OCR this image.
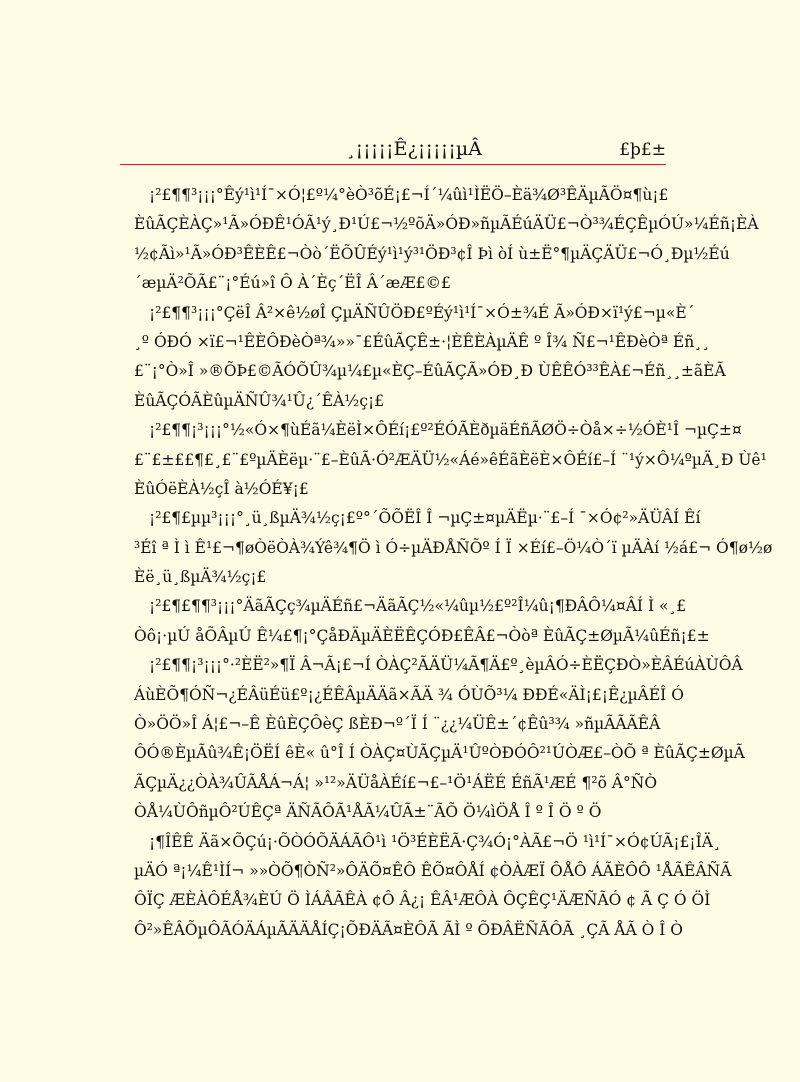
¸¡¡¡¡¡Ê¿¡¡¡¡¡µÂ	£þ£±
¡²£¶¶³¡¡¡°Êý¹ì¹Í¯×Ó¦£º¼°èÒ³õÉ¡£¬Í´¼ûì¹ÌËÖ–Èä¾Ø³ÊÄµÃÖ¤¶ù¡£
ÈûÃÇÈÀÇ»¹Ã»ÓÐÊ¹ÓÃ¹ý¸Ð¹Ú£¬½ºõÄ»ÓÐ»ñµÃÉúÄÜ£¬Ò³¾ÉÇÊµÓÚ»¼Éñ¡ÈÀ
½¢Ãì»¹Ã»ÓÐ³ÊÈÊ£¬Òò´ËÕÛÉý¹ì¹ý³¹ÖÐ³¢Î Þì òÍ ù±Ë°¶µÄÇÄÜ£¬Ó¸Ðµ½Éú
´æµÄ²ÕÃ£¨¡°Éú»î Ô À´Èç´ËÎ Â´æÆ£©£
¡²£¶¶³¡¡¡°ÇëÎ Â²×ê½øÎ ÇµÄÑÛÖÐ£ºÉý¹ì¹Í¯×Ó±¾É Ã»ÓÐ×ï¹ý£¬µ«È´
¸º ÓÐÓ ×ï£¬¹ÊÈÔÐèÒª¾»»¯£ÉûÃÇÊ±·¦ÈÊÈÀµÄÊ º Î¾ Ñ£¬¹ÊÐèÒª Éñ¸¸
£¨¡°Ò»Î »®ÕÞ£©ÃÓÕÛ¾µ¼£µ«ÈÇ–ÉûÃÇÃ»ÓÐ¸Ð ÙÊÊÓ³³ÊÀ£¬Éñ¸¸±ãÈÃ
ÈûÃÇÓÃÈûµÄÑÛ¾¹Û¿´ÊÀ½ç¡£
¡²£¶¶¡³¡¡¡°½«Ó×¶ùÉã¼ÈëÌ×ÔÉí¡£º²ÉÓÃÈðµäÉñÃØÖ÷Òå×÷½ÓÈ¹Î ¬µÇ±¤
£¨£±££¶£¸£¨£ºµÄÈëµ·¨£–ÈûÃ·Ó²ÆÄÜ½«Áé»êÉãÈëÈ×ÔÉí£–Í ¨¹ý×Ô¼ºµÄ¸Ð Ùê¹
ÈûÓëÈÀ½çÎ à½ÓÉ¥¡£
¡²£¶£µµ³¡¡¡°¸ü¸ßµÄ¾½ç¡£º°´ÕÕËÎ Î ¬µÇ±¤µÄËµ·¨£–Í ¯×Ó¢²»ÄÜÂÍ Êí
³Éî ª Ì ì Ê¹£¬¶øÒëÒÀ¾Ýê¾¶Ö ì Ó÷µÄÐÅÑÕº Í Ï ×Éí£–Ö¼Ò´ï µÄÀí ½á£¬ Ó¶ø½ø
Èë¸ü¸ßµÄ¾½ç¡£
¡²£¶£¶¶³¡¡¡°ÄãÃÇç¾µÄÉñ£¬ÄãÃÇ½«¼ûµ½£º²Î¼û¡¶ÐÂÔ¼¤ÂÍ Ì «¸£
Òô¡·µÚ åÕÂµÚ Ê¼£¶¡°ÇåÐÄµÄÈËÊÇÓÐ£ÊÂ£¬Òòª ÈûÃÇ±ØµÃ¼ûÉñ¡£±
¡²£¶¶¡³¡¡¡°·²ÈË²»¶Ï Â¬Ã¡£¬Í ÒÀÇ²ÃÄÜ¼Ã¶Ä£º¸èµÂÓ÷ÈËÇÐÒ»ÈÂÉúÀÙÔÂ
ÁùÈÕ¶ÓÑ¬¿ÉÂüÉü£º¡¿ÉÊÂµÄÄã×ÃÄ ¾ ÓÙÕ³¼ ÐÐÉ«ÄÌ¡£¡Ê¿µÂÉÎ Ó
Ò»ÖÖ»Î Á¦£¬–Ê ÈûÈÇÔèÇ ßÈÐ¬º´Ï Í ¨¿¿¼ÜÊ±´¢Êû³¾ »ñµÃÃÃÊÂ
ÔÓ®ÈµÃû¾Ê¡ÖËÍ êÈ« û°Î Í ÒÀÇ¤ÙÃÇµÄ¹ÛºÒÐÓÔ²¹ÚÒÆ£–ÒÕ ª ÈûÃÇ±ØµÃ
ÃÇµÄ¿¿ÒÀ¾ÛÃÅÁ¬Á¦ »¹²»ÄÜåÀÉí£¬£–¹Ö¹ÁËÉ ÉñÃ¹ÆÉ ¶²õ Â°ÑÒ
ÒÅ¼ÙÔñµÔ²ÚÊÇª ÄÑÃÔÃ¹ÅÃ¼ÛÃ±¨ÃÕ Ö¼ìÖÅ Î º Î Ö º Ö
¡¶ÎÊÊ Äã×ÕÇú¡·ÕÒÓÕÄÁÃÔ¹ì ¹Ö³ÉÈËÃ·Ç¾Ó¡°ÀÃ£¬Ö ¹ì¹Í¯×Ó¢ÚÃ¡£¡ÎÄ¸
µÄÓ ª¡¼Ê¹ÌÍ¬ »»ÒÕ¶ÒÑ²»ÔÄÕ¤ÊÔ ÊÕ¤ÔÅÍ ¢ÒÀÆÏ ÔÅÔ ÁÃÈÔÔ ¹ÅÃÊÂÑÃ
ÔÏÇ ÆÈÀÔÉÅ¾ÈÚ Ö ÌÁÂÃÊÀ ¢Ô Â¿¡ ÊÂ¹ÆÔÀ ÔÇÊÇ¹ÄÆÑÃÓ ¢ Ã Ç Ó ÖÌ
Ô²»ÊÂÕµÔÃÓÄÁµÃÄÄÅÍÇ¡ÕÐÄÃ¤ÈÔÃ ÃÌ º ÕÐÂËÑÃÔÃ ¸ÇÃ ÅÃ Ò Î Ò
